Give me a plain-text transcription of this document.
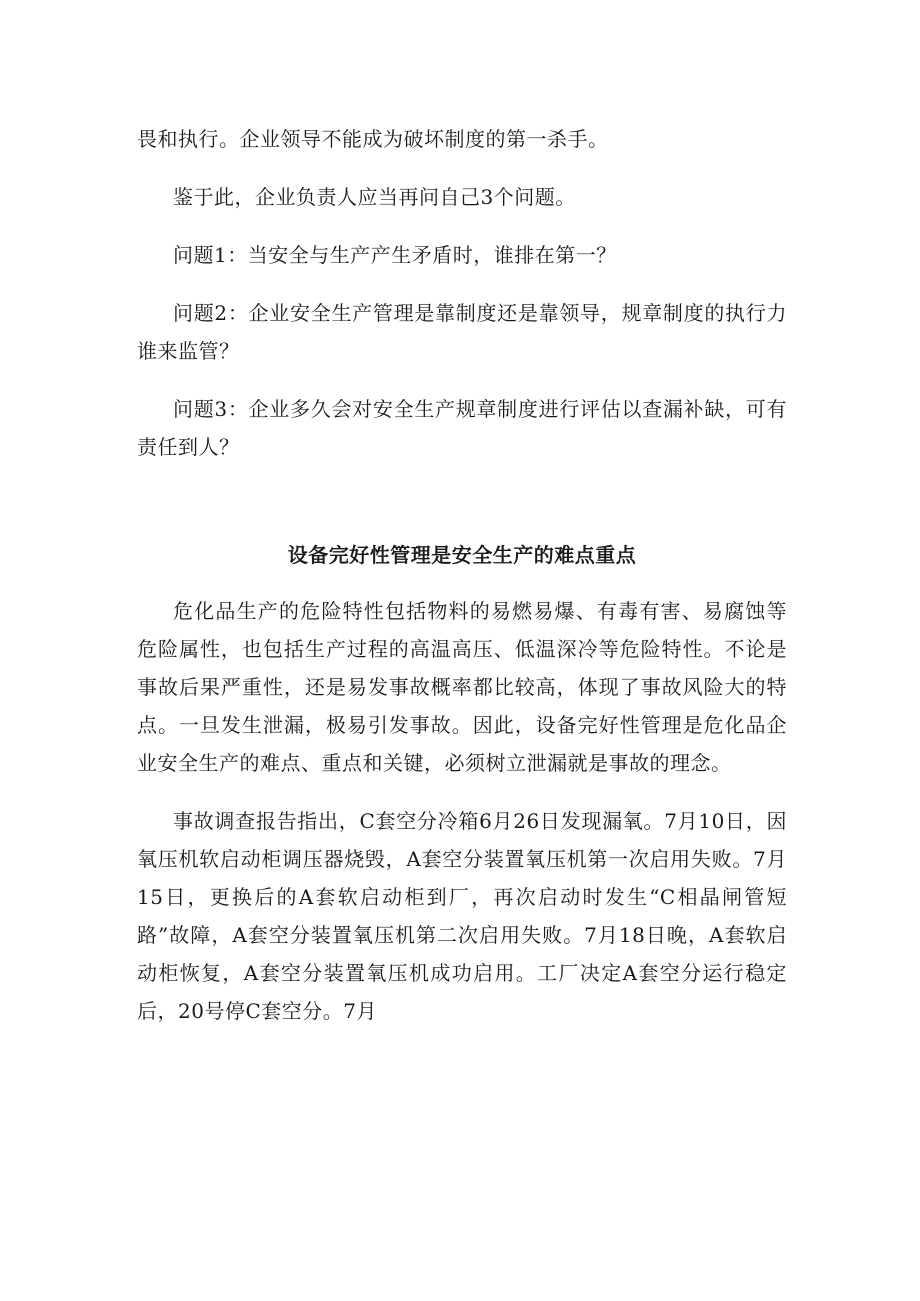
畏和执行。企业领导不能成为破坏制度的第一杀手。

鉴于此，企业负责人应当再问自己3个问题。

问题1：当安全与生产产生矛盾时，谁排在第一？

问题2：企业安全生产管理是靠制度还是靠领导，规章制度的执行力谁来监管？

问题3：企业多久会对安全生产规章制度进行评估以查漏补缺，可有责任到人？

设备完好性管理是安全生产的难点重点

危化品生产的危险特性包括物料的易燃易爆、有毒有害、易腐蚀等危险属性，也包括生产过程的高温高压、低温深冷等危险特性。不论是事故后果严重性，还是易发事故概率都比较高，体现了事故风险大的特点。一旦发生泄漏，极易引发事故。因此，设备完好性管理是危化品企业安全生产的难点、重点和关键，必须树立泄漏就是事故的理念。

事故调查报告指出，C套空分冷箱6月26日发现漏氧。7月10日，因氧压机软启动柜调压器烧毁，A套空分装置氧压机第一次启用失败。7月15日，更换后的A套软启动柜到厂，再次启动时发生“C相晶闸管短路”故障，A套空分装置氧压机第二次启用失败。7月18日晚，A套软启动柜恢复，A套空分装置氧压机成功启用。工厂决定A套空分运行稳定后，20号停C套空分。7月
